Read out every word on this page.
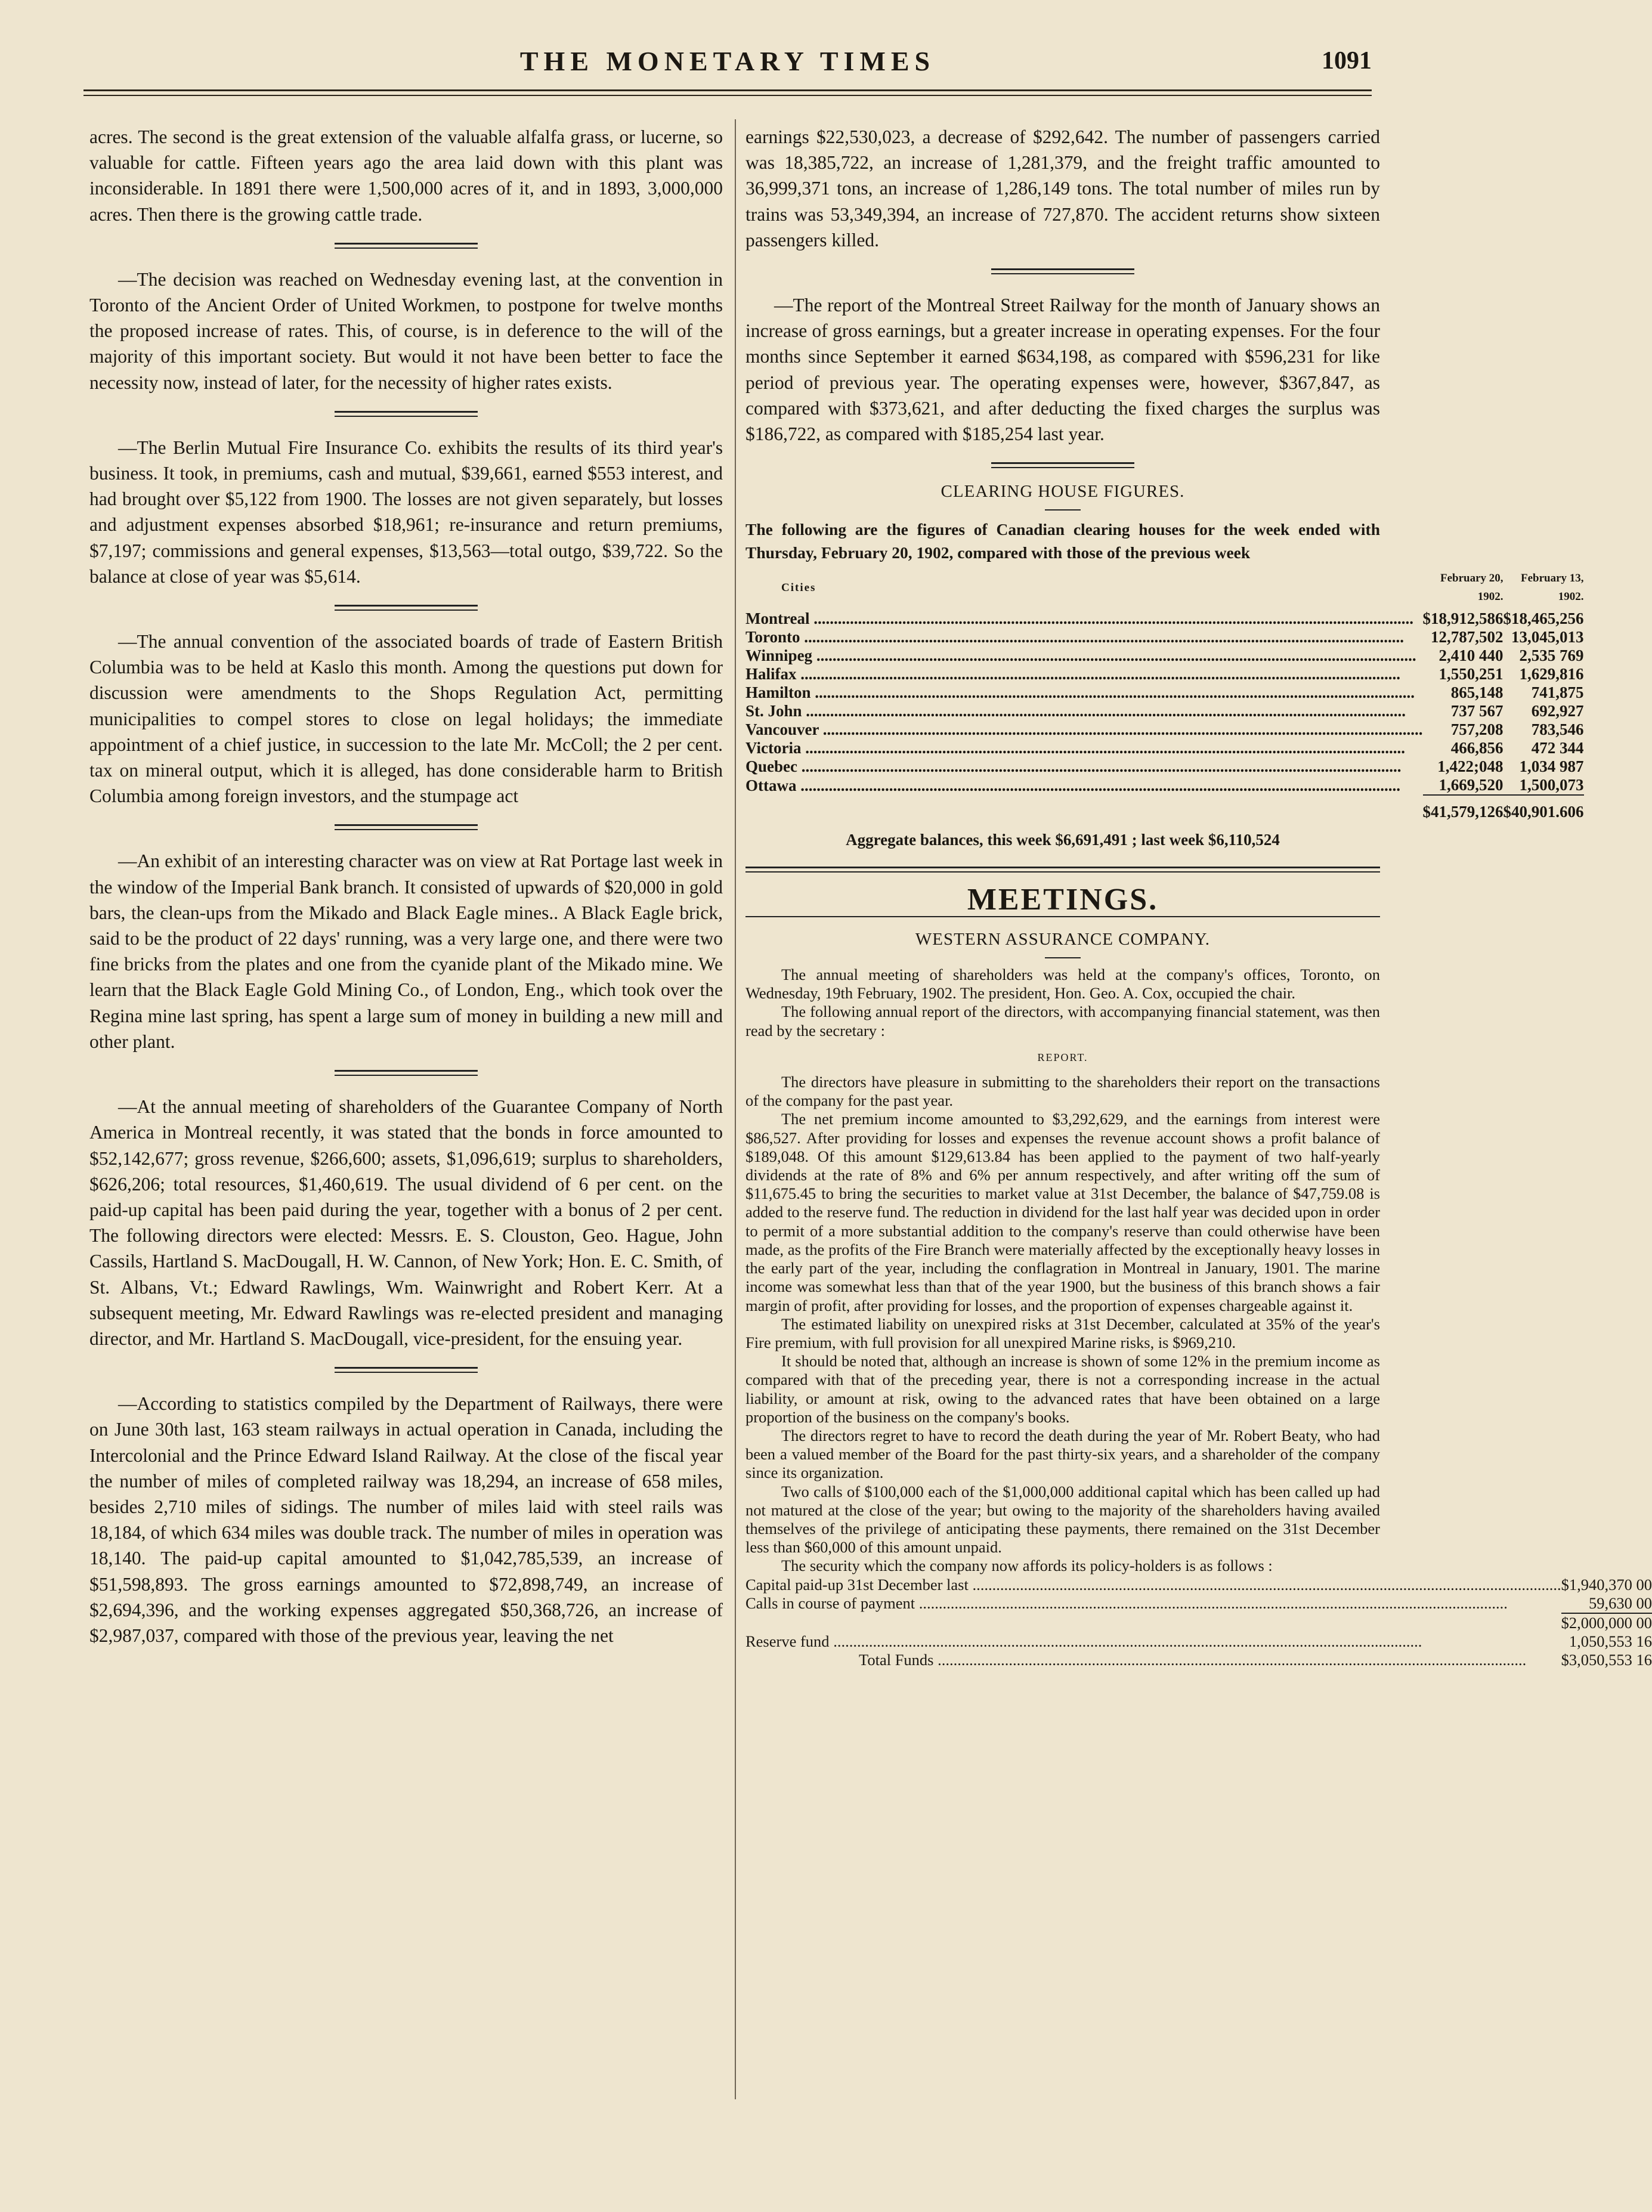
THE MONETARY TIMES	1091

acres. The second is the great extension of the valuable alfalfa grass, or lucerne, so valuable for cattle. Fifteen years ago the area laid down with this plant was inconsiderable. In 1891 there were 1,500,000 acres of it, and in 1893, 3,000,000 acres. Then there is the growing cattle trade.

—The decision was reached on Wednesday evening last, at the convention in Toronto of the Ancient Order of United Workmen, to postpone for twelve months the proposed increase of rates. This, of course, is in deference to the will of the majority of this important society. But would it not have been better to face the necessity now, instead of later, for the necessity of higher rates exists.

—The Berlin Mutual Fire Insurance Co. exhibits the results of its third year's business. It took, in premiums, cash and mutual, $39,661, earned $553 interest, and had brought over $5,122 from 1900. The losses are not given separately, but losses and adjustment expenses absorbed $18,961; re-insurance and return premiums, $7,197; commissions and general expenses, $13,563—total outgo, $39,722. So the balance at close of year was $5,614.

—The annual convention of the associated boards of trade of Eastern British Columbia was to be held at Kaslo this month. Among the questions put down for discussion were amendments to the Shops Regulation Act, permitting municipalities to compel stores to close on legal holidays; the immediate appointment of a chief justice, in succession to the late Mr. McColl; the 2 per cent. tax on mineral output, which it is alleged, has done considerable harm to British Columbia among foreign investors, and the stumpage act

—An exhibit of an interesting character was on view at Rat Portage last week in the window of the Imperial Bank branch. It consisted of upwards of $20,000 in gold bars, the clean-ups from the Mikado and Black Eagle mines.. A Black Eagle brick, said to be the product of 22 days' running, was a very large one, and there were two fine bricks from the plates and one from the cyanide plant of the Mikado mine. We learn that the Black Eagle Gold Mining Co., of London, Eng., which took over the Regina mine last spring, has spent a large sum of money in building a new mill and other plant.

—At the annual meeting of shareholders of the Guarantee Company of North America in Montreal recently, it was stated that the bonds in force amounted to $52,142,677; gross revenue, $266,600; assets, $1,096,619; surplus to shareholders, $626,206; total resources, $1,460,619. The usual dividend of 6 per cent. on the paid-up capital has been paid during the year, together with a bonus of 2 per cent. The following directors were elected: Messrs. E. S. Clouston, Geo. Hague, John Cassils, Hartland S. MacDougall, H. W. Cannon, of New York; Hon. E. C. Smith, of St. Albans, Vt.; Edward Rawlings, Wm. Wainwright and Robert Kerr. At a subsequent meeting, Mr. Edward Rawlings was re-elected president and managing director, and Mr. Hartland S. MacDougall, vice-president, for the ensuing year.

—According to statistics compiled by the Department of Railways, there were on June 30th last, 163 steam railways in actual operation in Canada, including the Intercolonial and the Prince Edward Island Railway. At the close of the fiscal year the number of miles of completed railway was 18,294, an increase of 658 miles, besides 2,710 miles of sidings. The number of miles laid with steel rails was 18,184, of which 634 miles was double track. The number of miles in operation was 18,140. The paid-up capital amounted to $1,042,785,539, an increase of $51,598,893. The gross earnings amounted to $72,898,749, an increase of $2,694,396, and the working expenses aggregated $50,368,726, an increase of $2,987,037, compared with those of the previous year, leaving the net

earnings $22,530,023, a decrease of $292,642. The number of passengers carried was 18,385,722, an increase of 1,281,379, and the freight traffic amounted to 36,999,371 tons, an increase of 1,286,149 tons. The total number of miles run by trains was 53,349,394, an increase of 727,870. The accident returns show sixteen passengers killed.

—The report of the Montreal Street Railway for the month of January shows an increase of gross earnings, but a greater increase in operating expenses. For the four months since September it earned $634,198, as compared with $596,231 for like period of previous year. The operating expenses were, however, $367,847, as compared with $373,621, and after deducting the fixed charges the surplus was $186,722, as compared with $185,254 last year.

CLEARING HOUSE FIGURES.

The following are the figures of Canadian clearing houses for the week ended with Thursday, February 20, 1902, compared with those of the previous week

Cities	February 20, 1902.	February 13, 1902.
Montreal .....	$18,912,586	$18,465,256
Toronto .....	12,787,502	13,045,013
Winnipeg .....	2,410 440	2,535 769
Halifax .....	1,550,251	1,629,816
Hamilton .....	865,148	741,875
St. John .....	737 567	692,927
Vancouver .....	757,208	783,546
Victoria .....	466,856	472 344
Quebec .....	1,422;048	1,034 987
Ottawa .....	1,669,520	1,500,073
	$41,579,126	$40,901.606

Aggregate balances, this week $6,691,491 ; last week $6,110,524

MEETINGS.

WESTERN ASSURANCE COMPANY.

The annual meeting of shareholders was held at the company's offices, Toronto, on Wednesday, 19th February, 1902. The president, Hon. Geo. A. Cox, occupied the chair.

The following annual report of the directors, with accompanying financial statement, was then read by the secretary :

REPORT.

The directors have pleasure in submitting to the shareholders their report on the transactions of the company for the past year.

The net premium income amounted to $3,292,629, and the earnings from interest were $86,527. After providing for losses and expenses the revenue account shows a profit balance of $189,048. Of this amount $129,613.84 has been applied to the payment of two half-yearly dividends at the rate of 8% and 6% per annum respectively, and after writing off the sum of $11,675.45 to bring the securities to market value at 31st December, the balance of $47,759.08 is added to the reserve fund. The reduction in dividend for the last half year was decided upon in order to permit of a more substantial addition to the company's reserve than could otherwise have been made, as the profits of the Fire Branch were materially affected by the exceptionally heavy losses in the early part of the year, including the conflagration in Montreal in January, 1901. The marine income was somewhat less than that of the year 1900, but the business of this branch shows a fair margin of profit, after providing for losses, and the proportion of expenses chargeable against it.

The estimated liability on unexpired risks at 31st December, calculated at 35% of the year's Fire premium, with full provision for all unexpired Marine risks, is $969,210.

It should be noted that, although an increase is shown of some 12% in the premium income as compared with that of the preceding year, there is not a corresponding increase in the actual liability, or amount at risk, owing to the advanced rates that have been obtained on a large proportion of the business on the company's books.

The directors regret to have to record the death during the year of Mr. Robert Beaty, who had been a valued member of the Board for the past thirty-six years, and a shareholder of the company since its organization.

Two calls of $100,000 each of the $1,000,000 additional capital which has been called up had not matured at the close of the year; but owing to the majority of the shareholders having availed themselves of the privilege of anticipating these payments, there remained on the 31st December less than $60,000 of this amount unpaid.

The security which the company now affords its policy-holders is as follows :

Capital paid-up 31st December last .....	$1,940,370 00
Calls in course of payment .....	59,630 00
	$2,000,000 00
Reserve fund .....	1,050,553 16
Total Funds .....	$3,050,553 16
